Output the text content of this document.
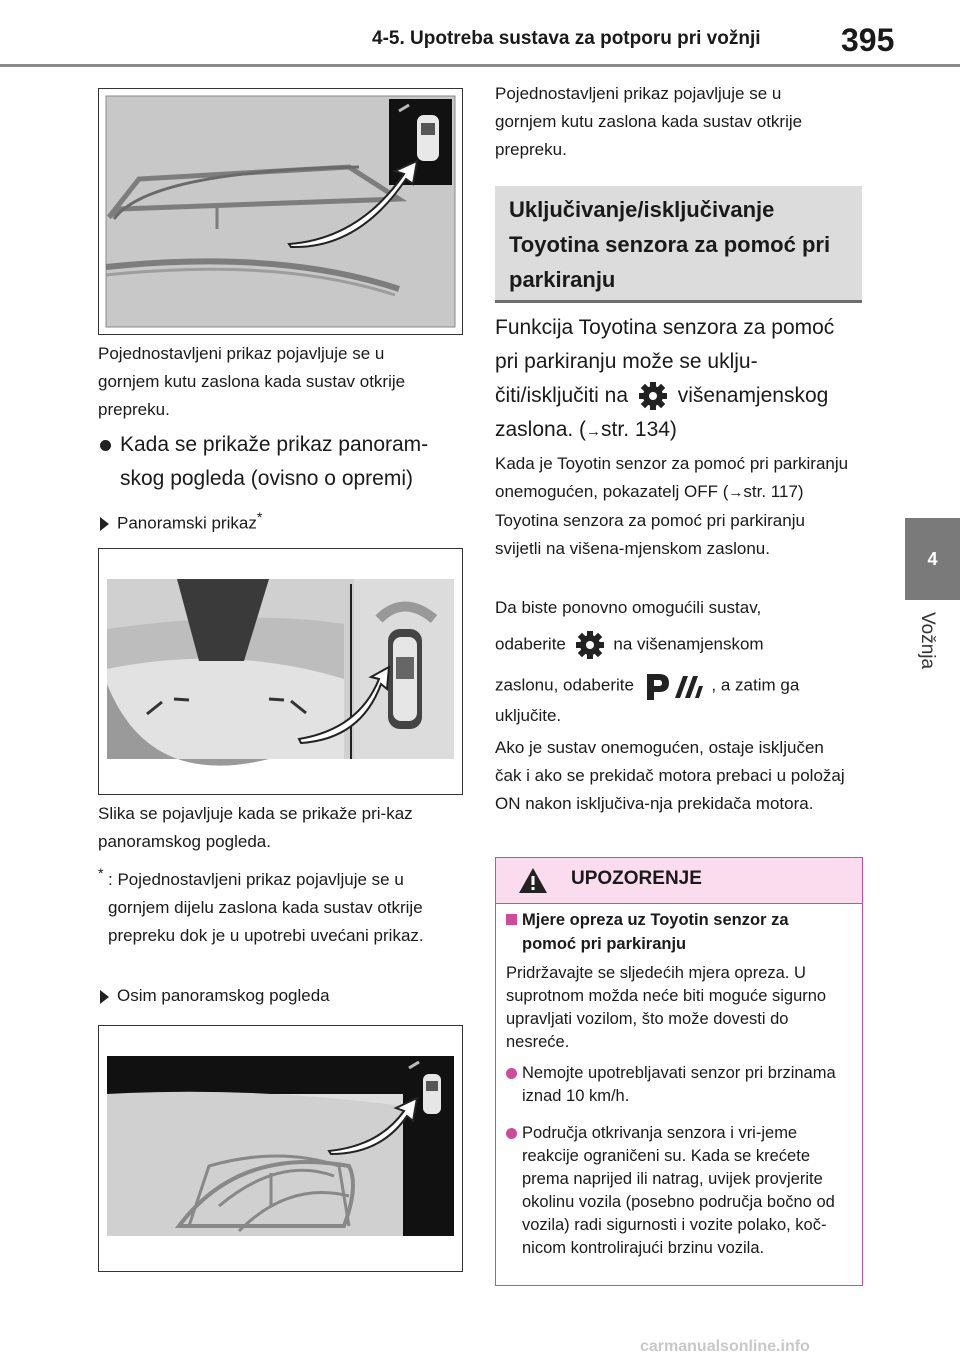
4-5. Upotreba sustava za potporu pri vožnji	395
4
Vožnja

Pojednostavljeni prikaz pojavljuje se u gornjem kutu zaslona kada sustav otkrije prepreku.

Kada se prikaže prikaz panoram-skog pogleda (ovisno o opremi)
Panoramski prikaz*

Slika se pojavljuje kada se prikaže pri-kaz panoramskog pogleda.

* : Pojednostavljeni prikaz pojavljuje se u gornjem dijelu zaslona kada sustav otkrije prepreku dok je u upotrebi uvećani prikaz.
Osim panoramskog pogleda

Pojednostavljeni prikaz pojavljuje se u gornjem kutu zaslona kada sustav otkrije prepreku.

Uključivanje/isključivanje Toyotina senzora za pomoć pri parkiranju
Funkcija Toyotina senzora za pomoć pri parkiranju može se uklju-čiti/isključiti na višenamjenskog zaslona. (→str. 134)

Kada je Toyotin senzor za pomoć pri parkiranju onemogućen, pokazatelj OFF (→str. 117) Toyotina senzora za pomoć pri parkiranju svijetli na višena-mjenskom zaslonu.

Da biste ponovno omogućili sustav,

odaberite	na višenamjenskom

zaslonu, odaberite	, a zatim ga
uključite.

Ako je sustav onemogućen, ostaje isključen čak i ako se prekidač motora prebaci u položaj ON nakon isključiva-nja prekidača motora.

UPOZORENJE
Mjere opreza uz Toyotin senzor za pomoć pri parkiranju

Pridržavajte se sljedećih mjera opreza. U suprotnom možda neće biti moguće sigurno upravljati vozilom, što može dovesti do nesreće.

Nemojte upotrebljavati senzor pri brzinama iznad 10 km/h.
Područja otkrivanja senzora i vri-jeme reakcije ograničeni su. Kada se krećete prema naprijed ili natrag, uvijek provjerite okolinu vozila (posebno područja bočno od vozila) radi sigurnosti i vozite polako, koč-nicom kontrolirajući brzinu vozila.
carmanualsonline.info
